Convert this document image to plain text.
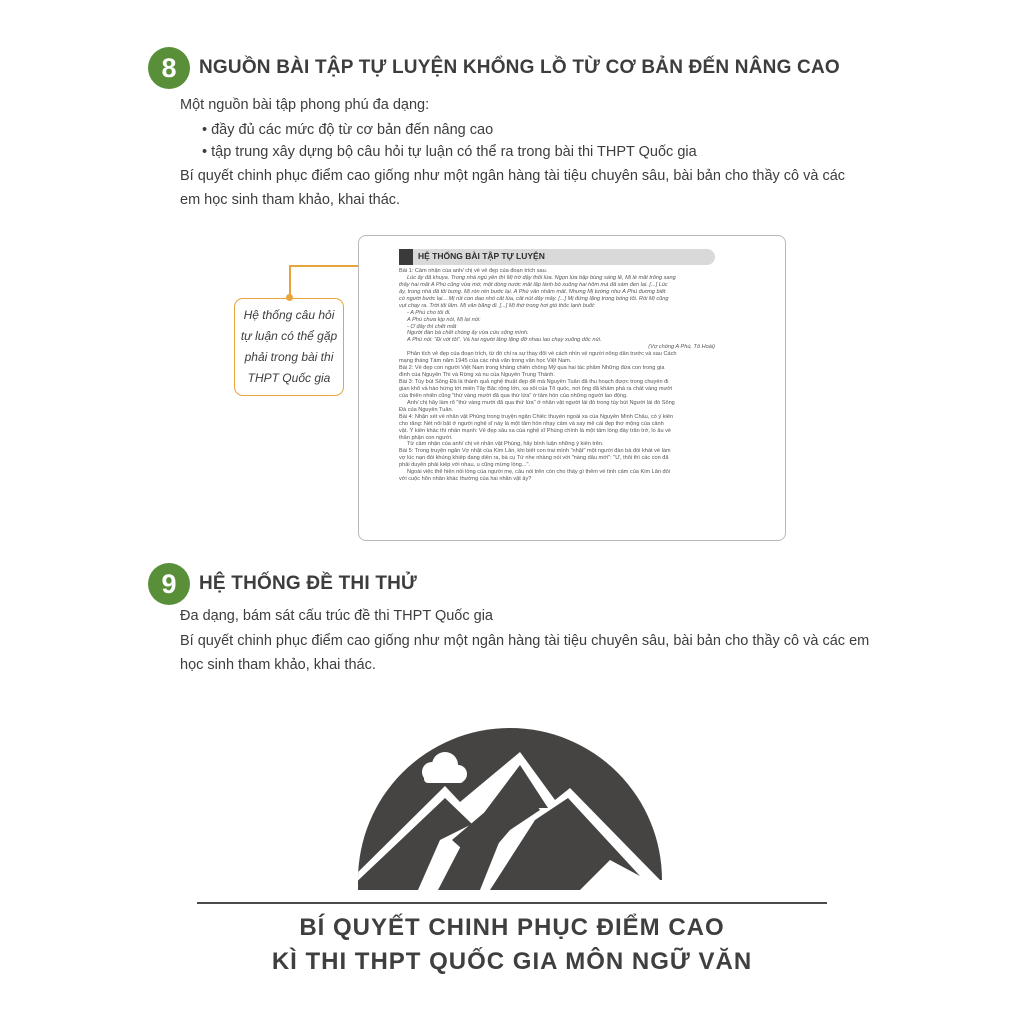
8	NGUỒN BÀI TẬP TỰ LUYỆN KHỔNG LỒ TỪ CƠ BẢN ĐẾN NÂNG CAO
Một nguồn bài tập phong phú đa dạng:
• đầy đủ các mức độ từ cơ bản đến nâng cao
• tập trung xây dựng bộ câu hỏi tự luận có thể ra trong bài thi THPT Quốc gia
Bí quyết chinh phục điểm cao giống như một ngân hàng tài tiệu chuyên sâu, bài bản cho thầy cô và các
em học sinh tham khảo, khai thác.
Hệ thống câu hỏi
tự luận có thể gặp
phải trong bài thi
THPT Quốc gia
HỆ THỐNG BÀI TẬP TỰ LUYỆN
Bài 1: Cảm nhận của anh/ chị về vẻ đẹp của đoạn trích sau.
Lúc ấy đã khuya. Trong nhà ngủ yên thì Mị trở dậy thổi lửa. Ngọn lửa bập bùng sáng lê, Mị lé mắt trông sang
thấy hai mắt A Phủ cũng vừa mở, một dòng nước mắt lấp lánh bò xuống hai hõm má đã xám đen lại. [...] Lúc
ấy, trong nhà đã tối bưng. Mị rón rén bước lại. A Phủ vẫn nhắm mắt. Nhưng Mị tưởng như A Phủ đương biết
có người bước lại... Mị rút con dao nhỏ cắt lúa, cắt nút dây mây. [...] Mị đứng lặng trong bóng tối. Rồi Mị cũng
vụt chạy ra. Trời tối lắm. Mị vẫn băng đi. [...] Mị thở trong hơi gió thốc lạnh buốt:
- A Phủ cho tôi đi.
A Phủ chưa kịp nói, Mị lại nói:
- Ở đây thì chết mất
Người đàn bà chết chồng ấy vừa cứu sống mình.
A Phủ nói: "Đi với tôi". Và hai người lẳng lặng đỡ nhau lao chạy xuống dốc núi.
(Vợ chồng A Phủ, Tô Hoài)
Phân tích vẻ đẹp của đoạn trích, từ đó chỉ ra sự thay đổi về cách nhìn về người nông dân trước và sau Cách
mạng tháng Tám năm 1945 của các nhà văn trong văn học Việt Nam.
Bài 2: Về đẹp con người Việt Nam trong kháng chiến chống Mỹ qua hai tác phẩm Những đứa con trong gia
đình của Nguyễn Thi và Rừng xà nu của Nguyễn Trung Thành.
Bài 3: Tùy bút Sông Đà là thành quả nghệ thuật đẹp đẽ mà Nguyễn Tuân đã thu hoạch được trong chuyến đi
gian khổ và hào hứng tới miền Tây Bắc rộng lớn, xa xôi của Tổ quốc, nơi ông đã khám phá ra chất vàng mười
của thiên nhiên cũng "thứ vàng mười đã qua thử lửa" ở tâm hồn của những người lao động.
Anh/ chị hãy làm rõ "thứ vàng mười đã qua thử lửa" ở nhân vật người lái đò trong tùy bút Người lái đò Sông
Đà của Nguyễn Tuân.
Bài 4: Nhận xét về nhân vật Phùng trong truyện ngắn Chiếc thuyền ngoài xa của Nguyễn Minh Châu, có ý kiến
cho rằng: Nét nổi bật ở người nghệ sĩ này là một tâm hồn nhạy cảm và say mê cái đẹp thơ mộng của cảnh
vật. Ý kiến khác thì nhấn mạnh: Vẻ đẹp sâu xa của nghệ sĩ Phùng chính là một tấm lòng đầy trăn trở, lo âu về
thân phận con người.
Từ cảm nhận của anh/ chị về nhân vật Phùng, hãy bình luận những ý kiến trên.
Bài 5: Trong truyện ngắn Vợ nhặt của Kim Lân, khi biết con trai mình "nhặt" một người đàn bà đói khát về làm
vợ lúc nạn đói khủng khiếp đang diễn ra, bà cụ Tứ nhẹ nhàng nói với "nàng dâu mới": "Ừ, thôi thì các con đã
phải duyên phải kiếp với nhau, u cũng mừng lòng...".
Ngoài việc thể hiện nỗi lòng của người mẹ, câu nói trên còn cho thấy gì thêm về tình cảm của Kim Lân đối
với cuộc hôn nhân khác thường của hai nhân vật ấy?
9	HỆ THỐNG ĐỀ THI THỬ
Đa dạng, bám sát cấu trúc đề thi THPT Quốc gia
Bí quyết chinh phục điểm cao giống như một ngân hàng tài tiệu chuyên sâu, bài bản cho thầy cô và các em
học sinh tham khảo, khai thác.
BÍ QUYẾT CHINH PHỤC ĐIỂM CAO
KÌ THI THPT QUỐC GIA MÔN NGỮ VĂN
